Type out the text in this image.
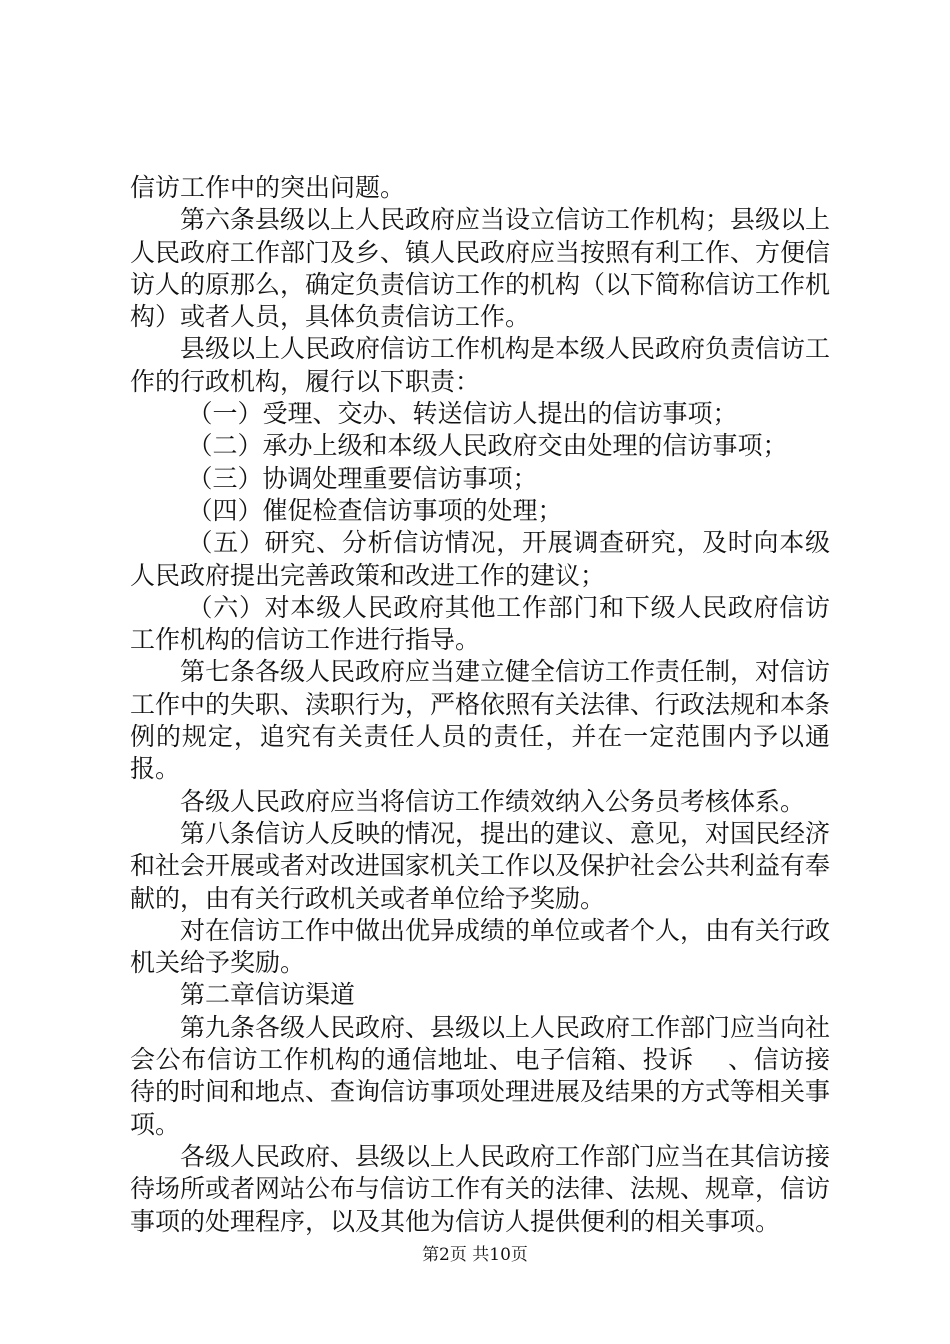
信访工作中的突出问题。

第六条县级以上人民政府应当设立信访工作机构；县级以上人民政府工作部门及乡、镇人民政府应当按照有利工作、方便信访人的原那么，确定负责信访工作的机构（以下简称信访工作机构）或者人员，具体负责信访工作。

县级以上人民政府信访工作机构是本级人民政府负责信访工作的行政机构，履行以下职责：

（一）受理、交办、转送信访人提出的信访事项；

（二）承办上级和本级人民政府交由处理的信访事项；

（三）协调处理重要信访事项；

（四）催促检查信访事项的处理；

（五）研究、分析信访情况，开展调查研究，及时向本级人民政府提出完善政策和改进工作的建议；

（六）对本级人民政府其他工作部门和下级人民政府信访工作机构的信访工作进行指导。

第七条各级人民政府应当建立健全信访工作责任制，对信访工作中的失职、渎职行为，严格依照有关法律、行政法规和本条例的规定，追究有关责任人员的责任，并在一定范围内予以通报。

各级人民政府应当将信访工作绩效纳入公务员考核体系。

第八条信访人反映的情况，提出的建议、意见，对国民经济和社会开展或者对改进国家机关工作以及保护社会公共利益有奉献的，由有关行政机关或者单位给予奖励。

对在信访工作中做出优异成绩的单位或者个人，由有关行政机关给予奖励。

第二章信访渠道

第九条各级人民政府、县级以上人民政府工作部门应当向社会公布信访工作机构的通信地址、电子信箱、投诉　 、信访接待的时间和地点、查询信访事项处理进展及结果的方式等相关事项。

各级人民政府、县级以上人民政府工作部门应当在其信访接待场所或者网站公布与信访工作有关的法律、法规、规章，信访事项的处理程序，以及其他为信访人提供便利的相关事项。

第2页 共10页
